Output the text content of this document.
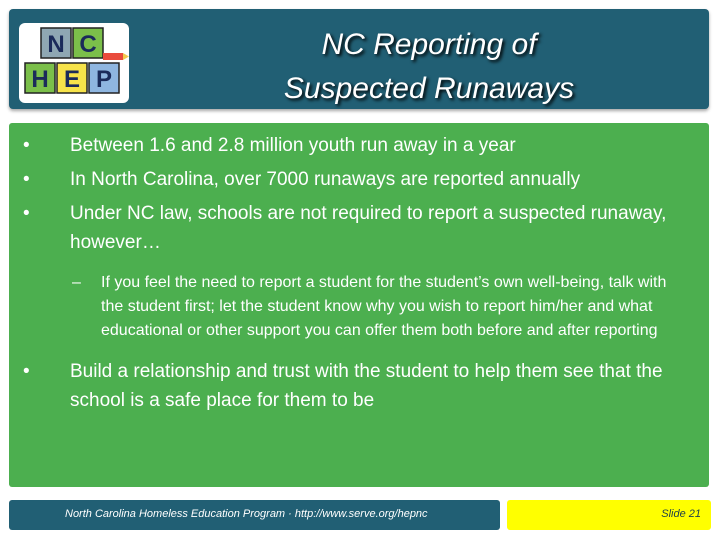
N C
H E P
NC Reporting of
Suspected Runaways
• Between 1.6 and 2.8 million youth run away in a year
• In North Carolina, over 7000 runaways are reported annually
• Under NC law, schools are not required to report a suspected runaway, however…
– If you feel the need to report a student for the student’s own well-being, talk with the student first; let the student know why you wish to report him/her and what educational or other support you can offer them both before and after reporting
• Build a relationship and trust with the student to help them see that the school is a safe place for them to be
North Carolina Homeless Education Program · http://www.serve.org/hepnc	Slide 21
